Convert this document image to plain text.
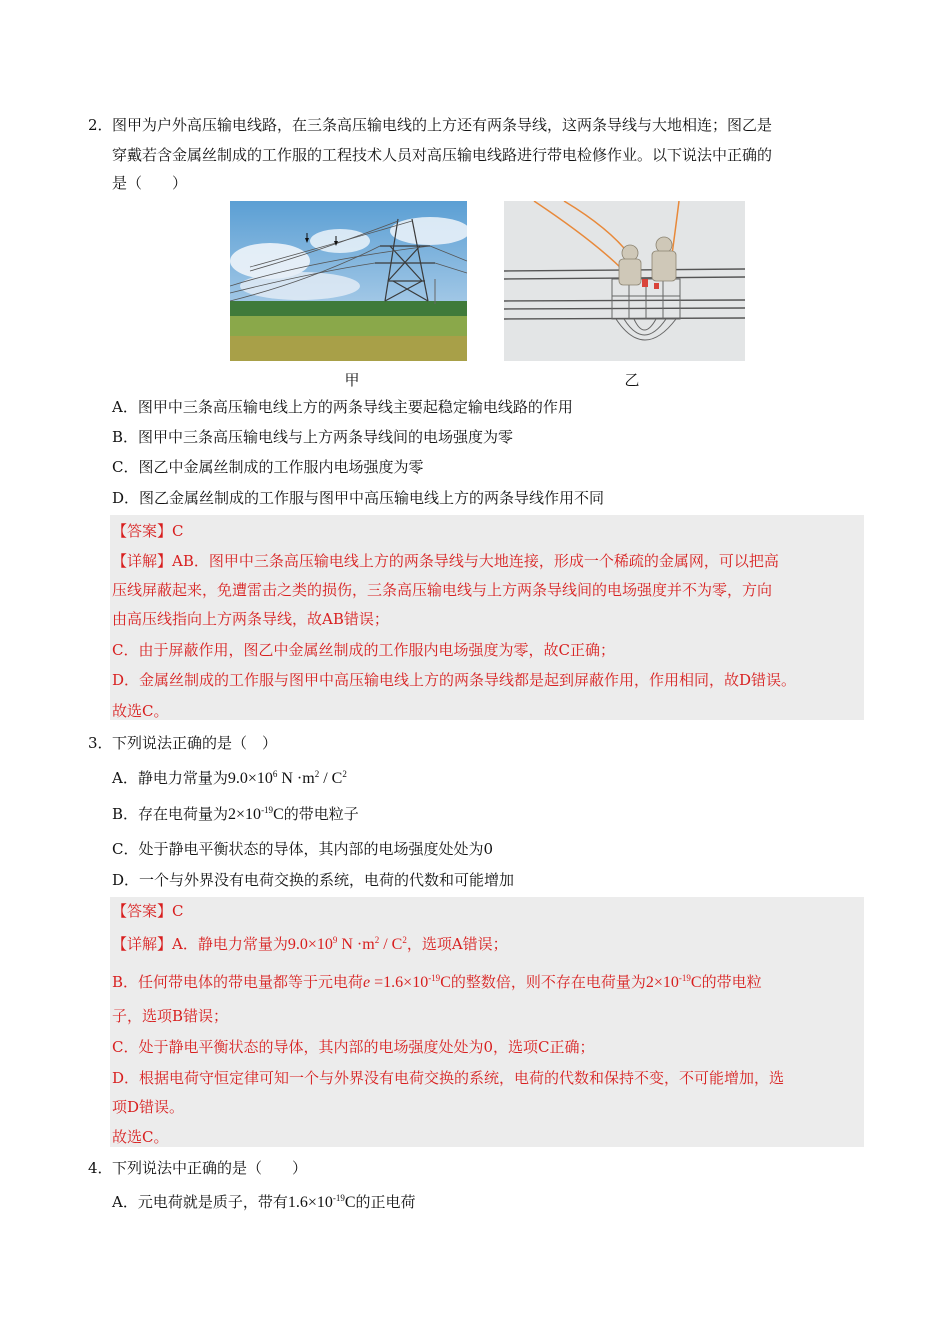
2． 图甲为户外高压输电线路，在三条高压输电线的上方还有两条导线，这两条导线与大地相连；图乙是
穿戴若含金属丝制成的工作服的工程技术人员对高压输电线路进行带电检修作业。以下说法中正确的
是（　　）
甲	乙
A．图甲中三条高压输电线上方的两条导线主要起稳定输电线路的作用
B．图甲中三条高压输电线与上方两条导线间的电场强度为零
C．图乙中金属丝制成的工作服内电场强度为零
D．图乙金属丝制成的工作服与图甲中高压输电线上方的两条导线作用不同
【答案】C
【详解】AB．图甲中三条高压输电线上方的两条导线与大地连接，形成一个稀疏的金属网，可以把高
压线屏蔽起来，免遭雷击之类的损伤，三条高压输电线与上方两条导线间的电场强度并不为零，方向
由高压线指向上方两条导线，故AB错误；
C．由于屏蔽作用，图乙中金属丝制成的工作服内电场强度为零，故C正确；
D．金属丝制成的工作服与图甲中高压输电线上方的两条导线都是起到屏蔽作用，作用相同，故D错误。
故选C。
3． 下列说法正确的是（　）
A．静电力常量为$9.0\times 10^6$ $N \cdot m^2 / C^2$
B．存在电荷量为$2\times 10^{-19}C$的带电粒子
C．处于静电平衡状态的导体，其内部的电场强度处处为0
D．一个与外界没有电荷交换的系统，电荷的代数和可能增加
【答案】C
【详解】A．静电力常量为$9.0\times 10^9$ $N \cdot m^2 / C^2$，选项A错误；
B．任何带电体的带电量都等于元电荷$e =1.6\times 10^{-19}C$的整数倍，则不存在电荷量为$2\times 10^{-19}C$的带电粒
子，选项B错误；
C．处于静电平衡状态的导体，其内部的电场强度处处为0，选项C正确；
D．根据电荷守恒定律可知一个与外界没有电荷交换的系统，电荷的代数和保持不变，不可能增加，选
项D错误。
故选C。
4． 下列说法中正确的是（　　）
A．元电荷就是质子，带有$1.6\times 10^{-19}C$的正电荷
